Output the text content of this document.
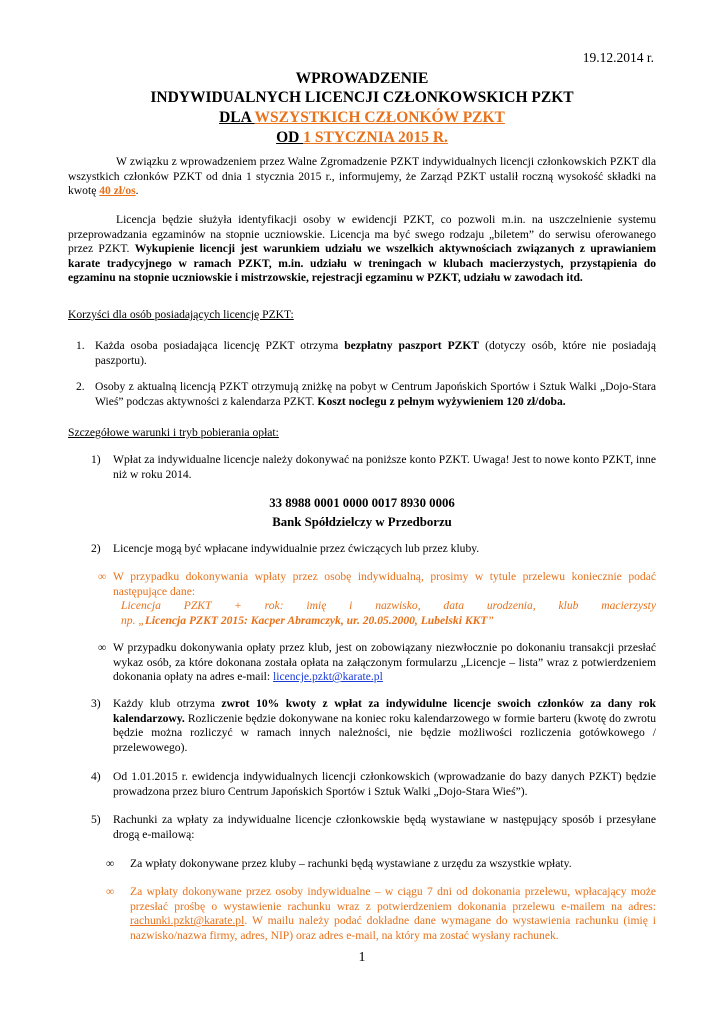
19.12.2014 r.
WPROWADZENIE
INDYWIDUALNYCH LICENCJI CZŁONKOWSKICH PZKT
DLA WSZYSTKICH CZŁONKÓW PZKT
OD 1 STYCZNIA 2015 R.
W związku z wprowadzeniem przez Walne Zgromadzenie PZKT indywidualnych licencji członkowskich PZKT dla wszystkich członków PZKT od dnia 1 stycznia 2015 r., informujemy, że Zarząd PZKT ustalił roczną wysokość składki na kwotę 40 zł/os.
Licencja będzie służyła identyfikacji osoby w ewidencji PZKT, co pozwoli m.in. na uszczelnienie systemu przeprowadzania egzaminów na stopnie uczniowskie. Licencja ma być swego rodzaju „biletem” do serwisu oferowanego przez PZKT. Wykupienie licencji jest warunkiem udziału we wszelkich aktywnościach związanych z uprawianiem karate tradycyjnego w ramach PZKT, m.in. udziału w treningach w klubach macierzystych, przystąpienia do egzaminu na stopnie uczniowskie i mistrzowskie, rejestracji egzaminu w PZKT, udziału w zawodach itd.
Korzyści dla osób posiadających licencję PZKT:
1. Każda osoba posiadająca licencję PZKT otrzyma bezpłatny paszport PZKT (dotyczy osób, które nie posiadają paszportu).
2. Osoby z aktualną licencją PZKT otrzymują zniżkę na pobyt w Centrum Japońskich Sportów i Sztuk Walki „Dojo-Stara Wieś” podczas aktywności z kalendarza PZKT. Koszt noclegu z pełnym wyżywieniem 120 zł/doba.
Szczegółowe warunki i tryb pobierania opłat:
1) Wpłat za indywidualne licencje należy dokonywać na poniższe konto PZKT. Uwaga! Jest to nowe konto PZKT, inne niż w roku 2014.
33 8988 0001 0000 0017 8930 0006
Bank Spółdzielczy w Przedborzu
2) Licencje mogą być wpłacane indywidualnie przez ćwiczących lub przez kluby.
∞ W przypadku dokonywania wpłaty przez osobę indywidualną, prosimy w tytule przelewu koniecznie podać następujące dane:
Licencja PZKT + rok: imię i nazwisko, data urodzenia, klub macierzysty
np. „Licencja PZKT 2015: Kacper Abramczyk, ur. 20.05.2000, Lubelski KKT”
∞ W przypadku dokonywania opłaty przez klub, jest on zobowiązany niezwłocznie po dokonaniu transakcji przesłać wykaz osób, za które dokonana została opłata na załączonym formularzu „Licencje – lista” wraz z potwierdzeniem dokonania opłaty na adres e-mail: licencje.pzkt@karate.pl
3) Każdy klub otrzyma zwrot 10% kwoty z wpłat za indywidulne licencje swoich członków za dany rok kalendarzowy. Rozliczenie będzie dokonywane na koniec roku kalendarzowego w formie barteru (kwotę do zwrotu będzie można rozliczyć w ramach innych należności, nie będzie możliwości rozliczenia gotówkowego / przelewowego).
4) Od 1.01.2015 r. ewidencja indywidualnych licencji członkowskich (wprowadzanie do bazy danych PZKT) będzie prowadzona przez biuro Centrum Japońskich Sportów i Sztuk Walki „Dojo-Stara Wieś”).
5) Rachunki za wpłaty za indywidualne licencje członkowskie będą wystawiane w następujący sposób i przesyłane drogą e-mailową:
∞ Za wpłaty dokonywane przez kluby – rachunki będą wystawiane z urzędu za wszystkie wpłaty.
∞ Za wpłaty dokonywane przez osoby indywidualne – w ciągu 7 dni od dokonania przelewu, wpłacający może przesłać prośbę o wystawienie rachunku wraz z potwierdzeniem dokonania przelewu e-mailem na adres: rachunki.pzkt@karate.pl. W mailu należy podać dokładne dane wymagane do wystawienia rachunku (imię i nazwisko/nazwa firmy, adres, NIP) oraz adres e-mail, na który ma zostać wysłany rachunek.
1
